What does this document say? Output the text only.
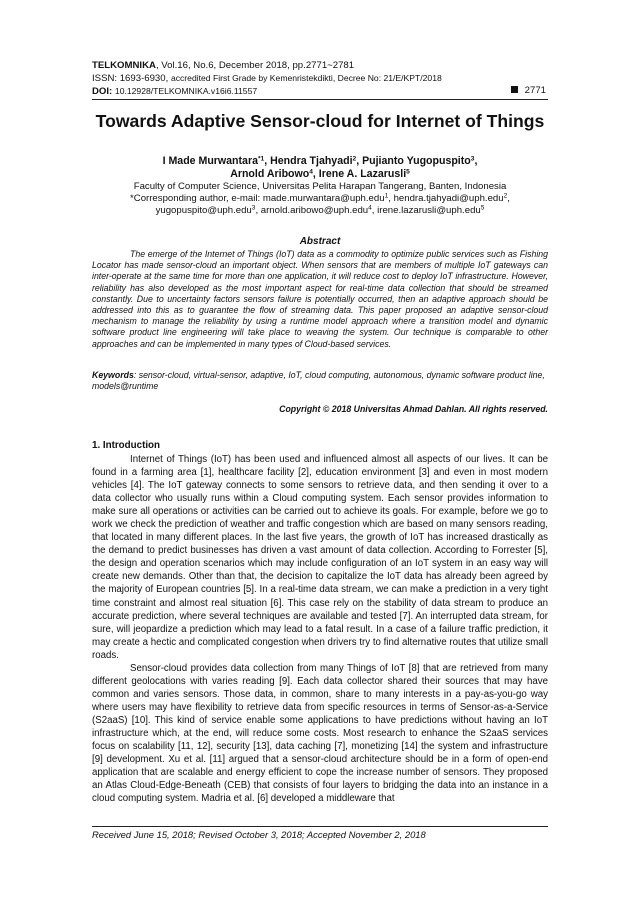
TELKOMNIKA, Vol.16, No.6, December 2018, pp.2771~2781
ISSN: 1693-6930, accredited First Grade by Kemenristekdikti, Decree No: 21/E/KPT/2018
DOI: 10.12928/TELKOMNIKA.v16i6.11557	2771
Towards Adaptive Sensor-cloud for Internet of Things
I Made Murwantara$^{*1}$, Hendra Tjahyadi$^2$, Pujianto Yugopuspito$^3$,
Arnold Aribowo$^4$, Irene A. Lazarusli$^5$
Faculty of Computer Science, Universitas Pelita Harapan Tangerang, Banten, Indonesia
*Corresponding author, e-mail: made.murwantara@uph.edu$^1$, hendra.tjahyadi@uph.edu$^2$,
yugopuspito@uph.edu$^3$, arnold.aribowo@uph.edu$^4$, irene.lazarusli@uph.edu$^5$
Abstract
The emerge of the Internet of Things (IoT) data as a commodity to optimize public services such as Fishing Locator has made sensor-cloud an important object. When sensors that are members of multiple IoT gateways can inter-operate at the same time for more than one application, it will reduce cost to deploy IoT infrastructure. However, reliability has also developed as the most important aspect for real-time data collection that should be streamed constantly. Due to uncertainty factors sensors failure is potentially occurred, then an adaptive approach should be addressed into this as to guarantee the flow of streaming data. This paper proposed an adaptive sensor-cloud mechanism to manage the reliability by using a runtime model approach where a transition model and dynamic software product line engineering will take place to weaving the system. Our technique is comparable to other approaches and can be implemented in many types of Cloud-based services.
Keywords: sensor-cloud, virtual-sensor, adaptive, IoT, cloud computing, autonomous, dynamic software product line, models@runtime
Copyright © 2018 Universitas Ahmad Dahlan. All rights reserved.
1. Introduction

Internet of Things (IoT) has been used and influenced almost all aspects of our lives. It can be found in a farming area [1], healthcare facility [2], education environment [3] and even in most modern vehicles [4]. The IoT gateway connects to some sensors to retrieve data, and then sending it over to a data collector who usually runs within a Cloud computing system. Each sensor provides information to make sure all operations or activities can be carried out to achieve its goals. For example, before we go to work we check the prediction of weather and traffic congestion which are based on many sensors reading, that located in many different places. In the last five years, the growth of IoT has increased drastically as the demand to predict businesses has driven a vast amount of data collection. According to Forrester [5], the design and operation scenarios which may include configuration of an IoT system in an easy way will create new demands. Other than that, the decision to capitalize the IoT data has already been agreed by the majority of European countries [5]. In a real-time data stream, we can make a prediction in a very tight time constraint and almost real situation [6]. This case rely on the stability of data stream to produce an accurate prediction, where several techniques are available and tested [7]. An interrupted data stream, for sure, will jeopardize a prediction which may lead to a fatal result. In a case of a failure traffic prediction, it may create a hectic and complicated congestion when drivers try to find alternative routes that utilize small roads.

Sensor-cloud provides data collection from many Things of IoT [8] that are retrieved from many different geolocations with varies reading [9]. Each data collector shared their sources that may have common and varies sensors. Those data, in common, share to many interests in a pay-as-you-go way where users may have flexibility to retrieve data from specific resources in terms of Sensor-as-a-Service (S2aaS) [10]. This kind of service enable some applications to have predictions without having an IoT infrastructure which, at the end, will reduce some costs. Most research to enhance the S2aaS services focus on scalability [11, 12], security [13], data caching [7], monetizing [14] the system and infrastructure [9] development. Xu et al. [11] argued that a sensor-cloud architecture should be in a form of open-end application that are scalable and energy efficient to cope the increase number of sensors. They proposed an Atlas Cloud-Edge-Beneath (CEB) that consists of four layers to bridging the data into an instance in a cloud computing system. Madria et al. [6] developed a middleware that

Received June 15, 2018; Revised October 3, 2018; Accepted November 2, 2018
